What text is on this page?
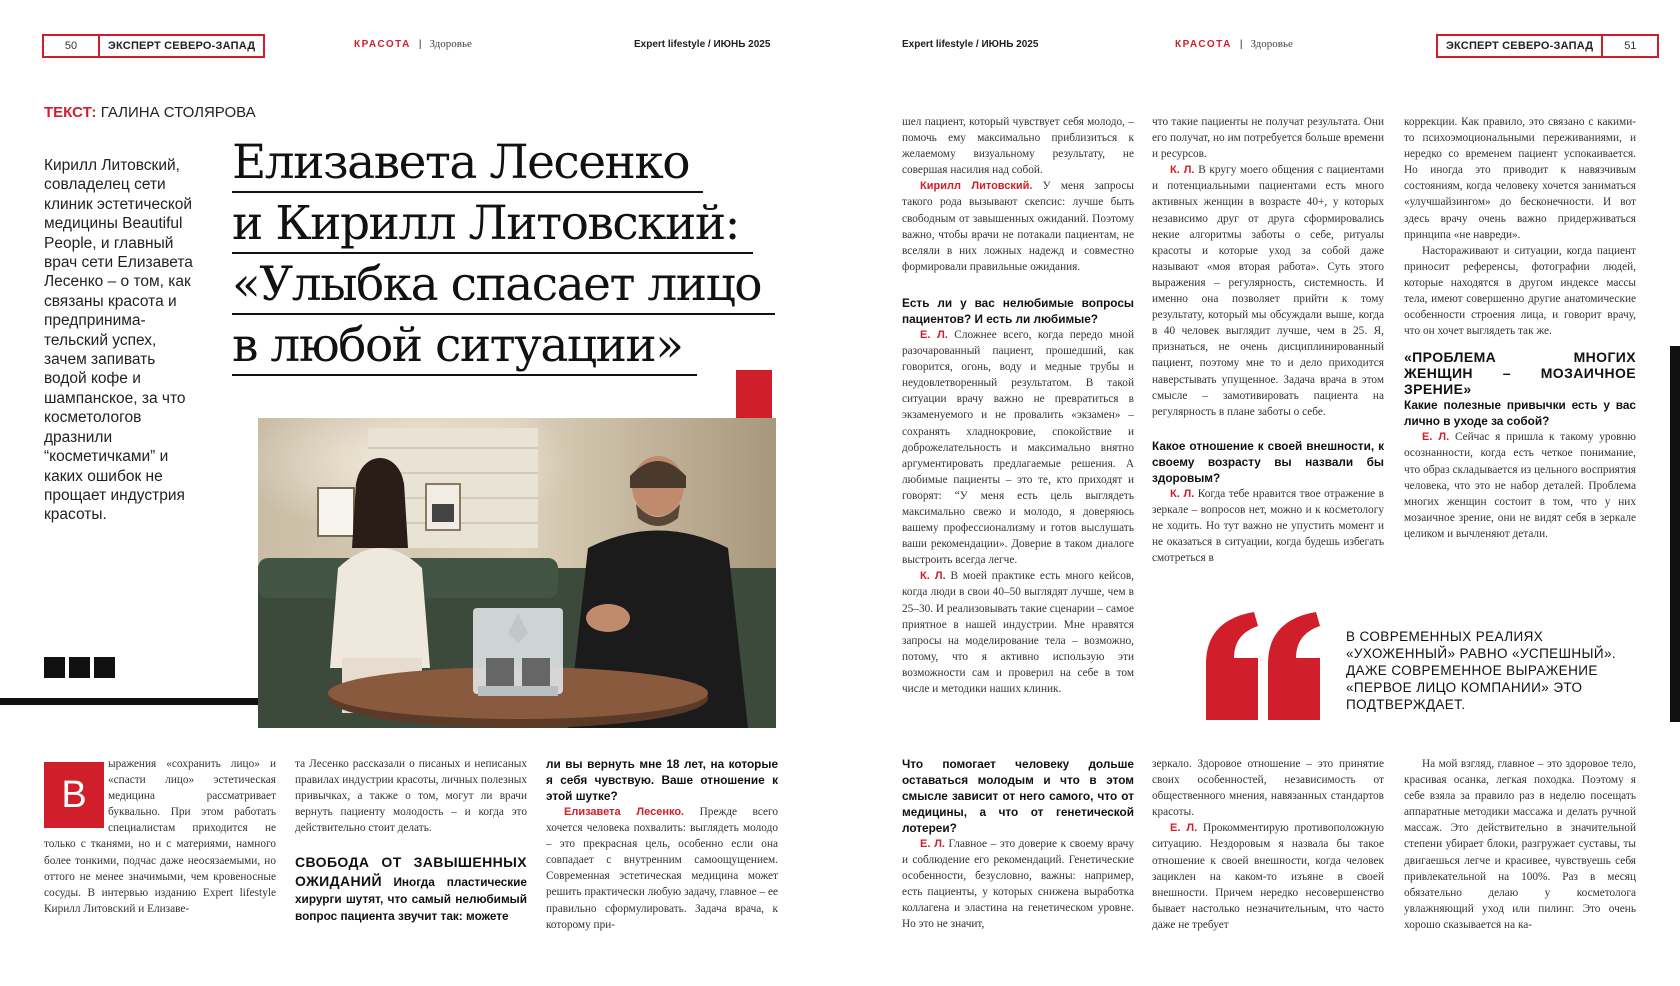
50	ЭКСПЕРТ СЕВЕРО-ЗАПАД	КРАСОТА | Здоровье	Expert lifestyle / ИЮНЬ 2025	Expert lifestyle / ИЮНЬ 2025	КРАСОТА | Здоровье	ЭКСПЕРТ СЕВЕРО-ЗАПАД	51
ТЕКСТ: ГАЛИНА СТОЛЯРОВА
Кирилл Литовский, совладелец сети клиник эстетической медицины Beautiful People, и главный врач сети Елизавета Лесенко – о том, как связаны красота и предпринима-тельский успех, зачем запивать водой кофе и шампанское, за что косметологов дразнили “косметичками” и каких ошибок не прощает индустрия красоты.
Елизавета Лесенко
и Кирилл Литовский:
«Улыбка спасает лицо
в любой ситуации»
В

ыражения «сохранить лицо» и «спасти лицо» эстетическая медицина рассматривает буквально. При этом работать специалистам приходится не только с тканями, но и с материями, намного более тонкими, подчас даже неосязаемыми, но оттого не менее значимыми, чем кровеносные сосуды. В интервью изданию Expert lifestyle Кирилл Литовский и Елизаве-

та Лесенко рассказали о писаных и неписаных правилах индустрии красоты, личных полезных привычках, а также о том, могут ли врачи вернуть пациенту молодость – и когда это действительно стоит делать.

СВОБОДА ОТ ЗАВЫШЕННЫХ ОЖИДАНИЙ Иногда пластические хирурги шутят, что самый нелюбимый вопрос пациента звучит так: можете

ли вы вернуть мне 18 лет, на которые я себя чувствую. Ваше отношение к этой шутке?

Елизавета Лесенко. Прежде всего хочется человека похвалить: выглядеть молодо – это прекрасная цель, особенно если она совпадает с внутренним самоощущением. Современная эстетическая медицина может решить практически любую задачу, главное – ее правильно сформулировать. Задача врача, к которому при-

шел пациент, который чувствует себя молодо, – помочь ему максимально приблизиться к желаемому визуальному результату, не совершая насилия над собой.

Кирилл Литовский. У меня запросы такого рода вызывают скепсис: лучше быть свободным от завышенных ожиданий. Поэтому важно, чтобы врачи не потакали пациентам, не вселяли в них ложных надежд и совместно формировали правильные ожидания.

Есть ли у вас нелюбимые вопросы пациентов? И есть ли любимые?

Е. Л. Сложнее всего, когда передо мной разочарованный пациент, прошедший, как говорится, огонь, воду и медные трубы и неудовлетворенный результатом. В такой ситуации врачу важно не превратиться в экзаменуемого и не провалить «экзамен» – сохранять хладнокровие, спокойствие и доброжелательность и максимально внятно аргументировать предлагаемые решения. А любимые пациенты – это те, кто приходят и говорят: “У меня есть цель выглядеть максимально свежо и молодо, я доверяюсь вашему профессионализму и готов выслушать ваши рекомендации». Доверие в таком диалоге выстроить всегда легче.

К. Л. В моей практике есть много кейсов, когда люди в свои 40–50 выглядят лучше, чем в 25–30. И реализовывать такие сценарии – самое приятное в нашей индустрии. Мне нравятся запросы на моделирование тела – возможно, потому, что я активно использую эти возможности сам и проверил на себе в том числе и методики наших клиник.

что такие пациенты не получат результата. Они его получат, но им потребуется больше времени и ресурсов.

К. Л. В кругу моего общения с пациентами и потенциальными пациентами есть много активных женщин в возрасте 40+, у которых независимо друг от друга сформировались некие алгоритмы заботы о себе, ритуалы красоты и которые уход за собой даже называют «моя вторая работа». Суть этого выражения – регулярность, системность. И именно она позволяет прийти к тому результату, который мы обсуждали выше, когда в 40 человек выглядит лучше, чем в 25. Я, признаться, не очень дисциплинированный пациент, поэтому мне то и дело приходится наверстывать упущенное. Задача врача в этом смысле – замотивировать пациента на регулярность в плане заботы о себе.

Какое отношение к своей внешности, к своему возрасту вы назвали бы здоровым?

К. Л. Когда тебе нравится твое отражение в зеркале – вопросов нет, можно и к косметологу не ходить. Но тут важно не упустить момент и не оказаться в ситуации, когда будешь избегать смотреться в

коррекции. Как правило, это связано с какими-то психоэмоциональными переживаниями, и нередко со временем пациент успокаивается. Но иногда это приводит к навязчивым состояниям, когда человеку хочется заниматься «улучшайзингом» до бесконечности. И вот здесь врачу очень важно придерживаться принципа «не навреди».

Настораживают и ситуации, когда пациент приносит референсы, фотографии людей, которые находятся в другом индексе массы тела, имеют совершенно другие анатомические особенности строения лица, и говорит врачу, что он хочет выглядеть так же.

«ПРОБЛЕМА МНОГИХ ЖЕНЩИН – МОЗАИЧНОЕ ЗРЕНИЕ»

Какие полезные привычки есть у вас лично в уходе за собой?

Е. Л. Сейчас я пришла к такому уровню осознанности, когда есть четкое понимание, что образ складывается из цельного восприятия человека, что это не набор деталей. Проблема многих женщин состоит в том, что у них мозаичное зрение, они не видят себя в зеркале целиком и вычленяют детали.

В СОВРЕМЕННЫХ РЕАЛИЯХ «УХОЖЕННЫЙ» РАВНО «УСПЕШНЫЙ». ДАЖЕ СОВРЕМЕННОЕ ВЫРАЖЕНИЕ «ПЕРВОЕ ЛИЦО КОМПАНИИ» ЭТО ПОДТВЕРЖДАЕТ.

Что помогает человеку дольше оставаться молодым и что в этом смысле зависит от него самого, что от медицины, а что от генетической лотереи?

Е. Л. Главное – это доверие к своему врачу и соблюдение его рекомендаций. Генетические особенности, безусловно, важны: например, есть пациенты, у которых снижена выработка коллагена и эластина на генетическом уровне. Но это не значит,

зеркало. Здоровое отношение – это принятие своих особенностей, независимость от общественного мнения, навязанных стандартов красоты.

Е. Л. Прокомментирую противоположную ситуацию. Нездоровым я назвала бы такое отношение к своей внешности, когда человек зациклен на каком-то изъяне в своей внешности. Причем нередко несовершенство бывает настолько незначительным, что часто даже не требует

На мой взгляд, главное – это здоровое тело, красивая осанка, легкая походка. Поэтому я себе взяла за правило раз в неделю посещать аппаратные методики массажа и делать ручной массаж. Это действительно в значительной степени убирает блоки, разгружает суставы, ты двигаешься легче и красивее, чувствуешь себя привлекательной на 100%. Раз в месяц обязательно делаю у косметолога увлажняющий уход или пилинг. Это очень хорошо сказывается на ка-
